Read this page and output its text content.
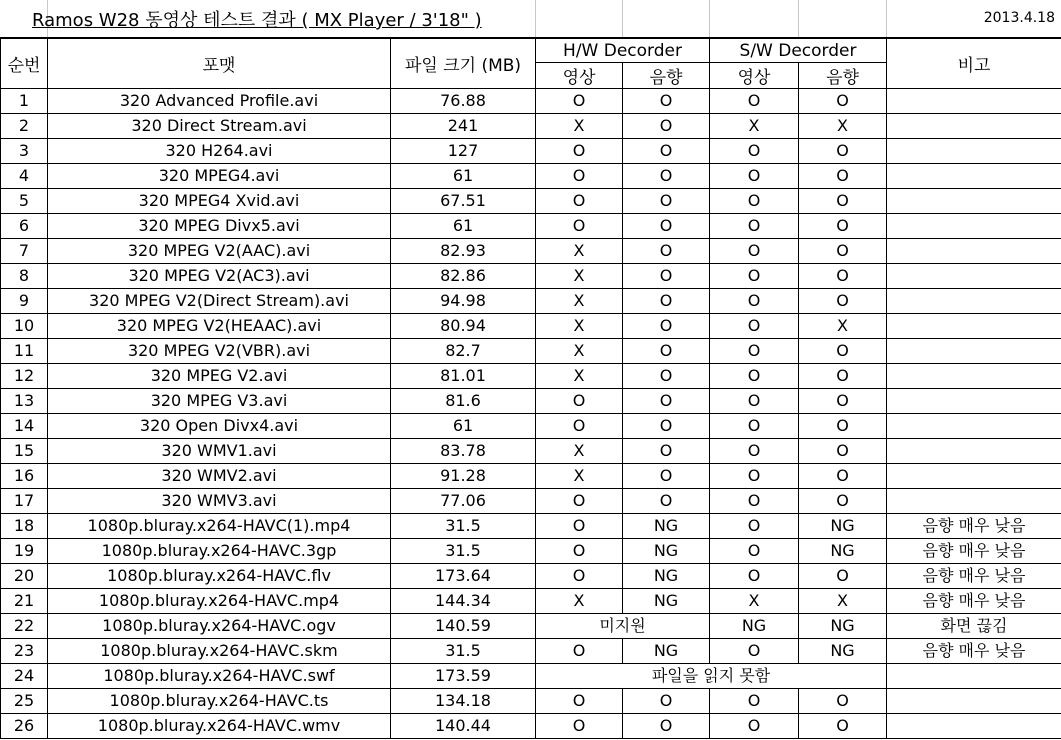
Ramos W28 동영상 테스트 결과 ( MX Player / 3'18" )	2013.4.18
순번	포맷	파일 크기 (MB)	H/W Decorder		S/W Decorder		비고
			영상	음향	영상	음향	
1	320 Advanced Profile.avi	76.88	O	O	O	O	
2	320 Direct Stream.avi	241	X	O	X	X	
3	320 H264.avi	127	O	O	O	O	
4	320 MPEG4.avi	61	O	O	O	O	
5	320 MPEG4 Xvid.avi	67.51	O	O	O	O	
6	320 MPEG Divx5.avi	61	O	O	O	O	
7	320 MPEG V2(AAC).avi	82.93	X	O	O	O	
8	320 MPEG V2(AC3).avi	82.86	X	O	O	O	
9	320 MPEG V2(Direct Stream).avi	94.98	X	O	O	O	
10	320 MPEG V2(HEAAC).avi	80.94	X	O	O	X	
11	320 MPEG V2(VBR).avi	82.7	X	O	O	O	
12	320 MPEG V2.avi	81.01	X	O	O	O	
13	320 MPEG V3.avi	81.6	O	O	O	O	
14	320 Open Divx4.avi	61	O	O	O	O	
15	320 WMV1.avi	83.78	X	O	O	O	
16	320 WMV2.avi	91.28	X	O	O	O	
17	320 WMV3.avi	77.06	O	O	O	O	
18	1080p.bluray.x264-HAVC(1).mp4	31.5	O	NG	O	NG	음향 매우 낮음
19	1080p.bluray.x264-HAVC.3gp	31.5	O	NG	O	NG	음향 매우 낮음
20	1080p.bluray.x264-HAVC.flv	173.64	O	NG	O	O	음향 매우 낮음
21	1080p.bluray.x264-HAVC.mp4	144.34	X	NG	X	X	음향 매우 낮음
22	1080p.bluray.x264-HAVC.ogv	140.59	미지원		NG	NG	화면 끊김
23	1080p.bluray.x264-HAVC.skm	31.5	O	NG	O	NG	음향 매우 낮음
24	1080p.bluray.x264-HAVC.swf	173.59	파일을 읽지 못함				
25	1080p.bluray.x264-HAVC.ts	134.18	O	O	O	O	
26	1080p.bluray.x264-HAVC.wmv	140.44	O	O	O	O	
